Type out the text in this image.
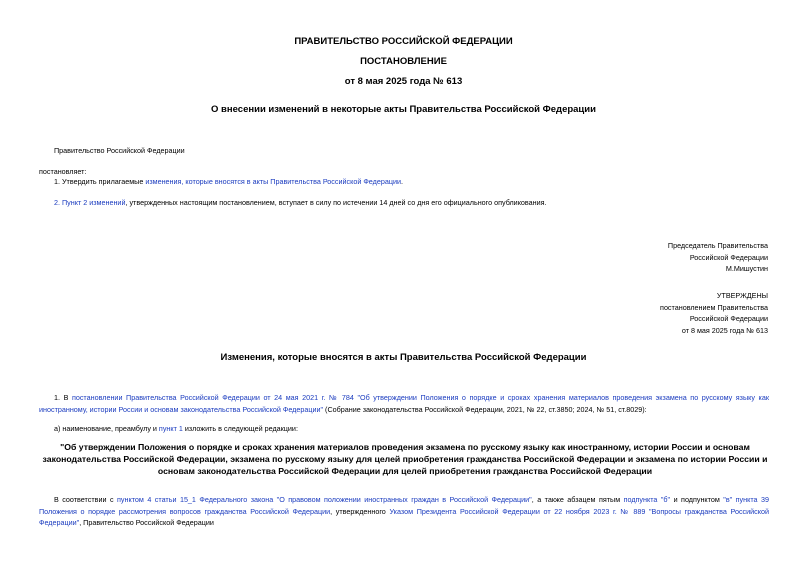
ПРАВИТЕЛЬСТВО РОССИЙСКОЙ ФЕДЕРАЦИИ
ПОСТАНОВЛЕНИЕ
от 8 мая 2025 года № 613
О внесении изменений в некоторые акты Правительства Российской Федерации
Правительство Российской Федерации
постановляет:
1. Утвердить прилагаемые изменения, которые вносятся в акты Правительства Российской Федерации.
2. Пункт 2 изменений, утвержденных настоящим постановлением, вступает в силу по истечении 14 дней со дня его официального опубликования.
Председатель Правительства
Российской Федерации
М.Мишустин
УТВЕРЖДЕНЫ
постановлением Правительства
Российской Федерации
от 8 мая 2025 года № 613
Изменения, которые вносятся в акты Правительства Российской Федерации
1. В постановлении Правительства Российской Федерации от 24 мая 2021 г. № 784 "Об утверждении Положения о порядке и сроках хранения материалов проведения экзамена по русскому языку как иностранному, истории России и основам законодательства Российской Федерации" (Собрание законодательства Российской Федерации, 2021, № 22, ст.3850; 2024, № 51, ст.8029):
а) наименование, преамбулу и пункт 1 изложить в следующей редакции:
"Об утверждении Положения о порядке и сроках хранения материалов проведения экзамена по русскому языку как иностранному, истории России и основам законодательства Российской Федерации, экзамена по русскому языку для целей приобретения гражданства Российской Федерации и экзамена по истории России и основам законодательства Российской Федерации для целей приобретения гражданства Российской Федерации
В соответствии с пунктом 4 статьи 15_1 Федерального закона "О правовом положении иностранных граждан в Российской Федерации", а также абзацем пятым подпункта "б" и подпунктом "в" пункта 39 Положения о порядке рассмотрения вопросов гражданства Российской Федерации, утвержденного Указом Президента Российской Федерации от 22 ноября 2023 г. № 889 "Вопросы гражданства Российской Федерации", Правительство Российской Федерации
